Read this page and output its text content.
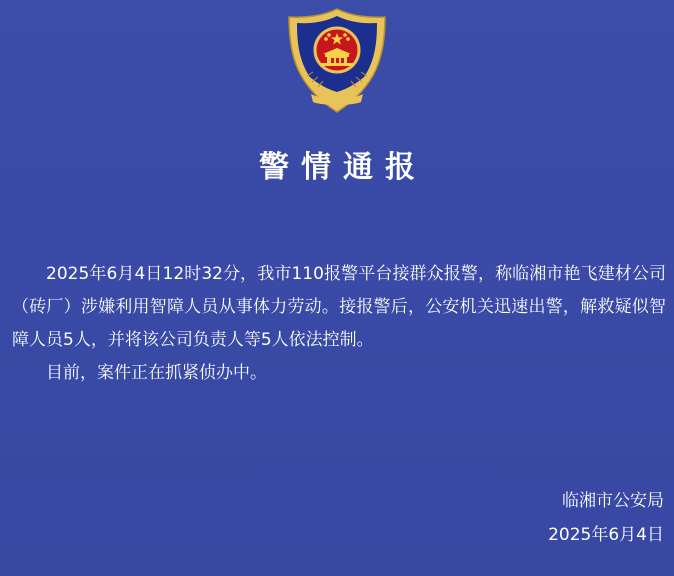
警情通报

2025年6月4日12时32分，我市110报警平台接群众报警，称临湘市艳飞建材公司（砖厂）涉嫌利用智障人员从事体力劳动。接报警后，公安机关迅速出警，解救疑似智障人员5人，并将该公司负责人等5人依法控制。

目前，案件正在抓紧侦办中。

临湘市公安局
2025年6月4日
